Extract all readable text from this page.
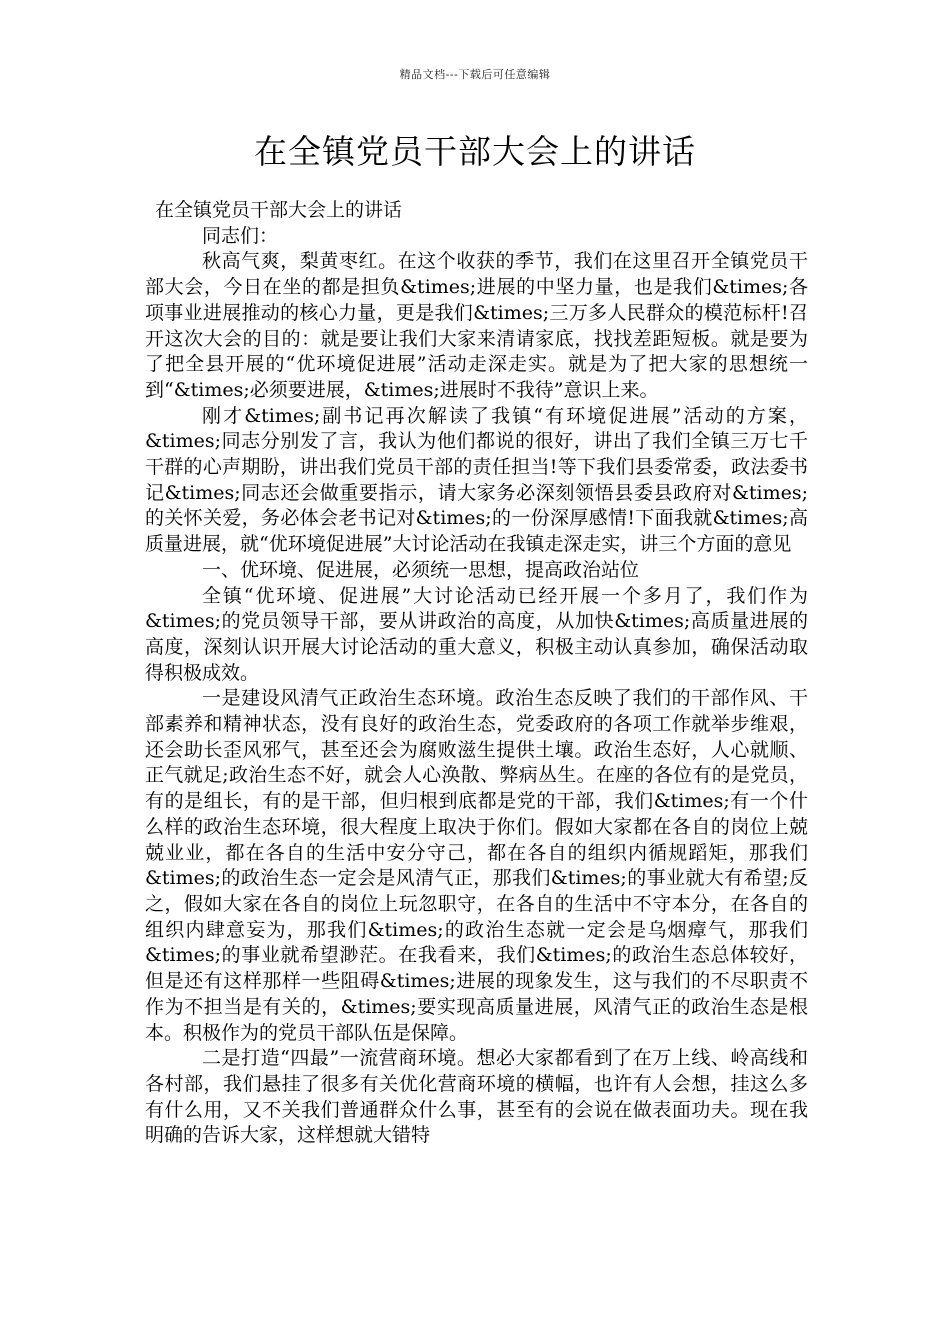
精品文档---下载后可任意编辑
在全镇党员干部大会上的讲话

在全镇党员干部大会上的讲话

同志们：

秋高气爽，梨黄枣红。在这个收获的季节，我们在这里召开全镇党员干部大会，今日在坐的都是担负&times;进展的中坚力量，也是我们&times;各项事业进展推动的核心力量，更是我们&times;三万多人民群众的模范标杆!召开这次大会的目的：就是要让我们大家来清请家底，找找差距短板。就是要为了把全县开展的“优环境促进展”活动走深走实。就是为了把大家的思想统一到“&times;必须要进展，&times;进展时不我待”意识上来。

刚才&times;副书记再次解读了我镇“有环境促进展”活动的方案，&times;同志分别发了言，我认为他们都说的很好，讲出了我们全镇三万七千干群的心声期盼，讲出我们党员干部的责任担当!等下我们县委常委，政法委书记&times;同志还会做重要指示，请大家务必深刻领悟县委县政府对&times;的关怀关爱，务必体会老书记对&times;的一份深厚感情!下面我就&times;高质量进展，就“优环境促进展”大讨论活动在我镇走深走实，讲三个方面的意见

一、优环境、促进展，必须统一思想，提高政治站位

全镇“优环境、促进展”大讨论活动已经开展一个多月了，我们作为&times;的党员领导干部，要从讲政治的高度，从加快&times;高质量进展的高度，深刻认识开展大讨论活动的重大意义，积极主动认真参加，确保活动取得积极成效。

一是建设风清气正政治生态环境。政治生态反映了我们的干部作风、干部素养和精神状态，没有良好的政治生态，党委政府的各项工作就举步维艰，还会助长歪风邪气，甚至还会为腐败滋生提供土壤。政治生态好，人心就顺、正气就足;政治生态不好，就会人心涣散、弊病丛生。在座的各位有的是党员，有的是组长，有的是干部，但归根到底都是党的干部，我们&times;有一个什么样的政治生态环境，很大程度上取决于你们。假如大家都在各自的岗位上兢兢业业，都在各自的生活中安分守己，都在各自的组织内循规蹈矩，那我们&times;的政治生态一定会是风清气正，那我们&times;的事业就大有希望;反之，假如大家在各自的岗位上玩忽职守，在各自的生活中不守本分，在各自的组织内肆意妄为，那我们&times;的政治生态就一定会是乌烟瘴气，那我们&times;的事业就希望渺茫。在我看来，我们&times;的政治生态总体较好，但是还有这样那样一些阻碍&times;进展的现象发生，这与我们的不尽职责不作为不担当是有关的，&times;要实现高质量进展，风清气正的政治生态是根本。积极作为的党员干部队伍是保障。

二是打造“四最”一流营商环境。想必大家都看到了在万上线、岭高线和各村部，我们悬挂了很多有关优化营商环境的横幅，也许有人会想，挂这么多有什么用，又不关我们普通群众什么事，甚至有的会说在做表面功夫。现在我明确的告诉大家，这样想就大错特
